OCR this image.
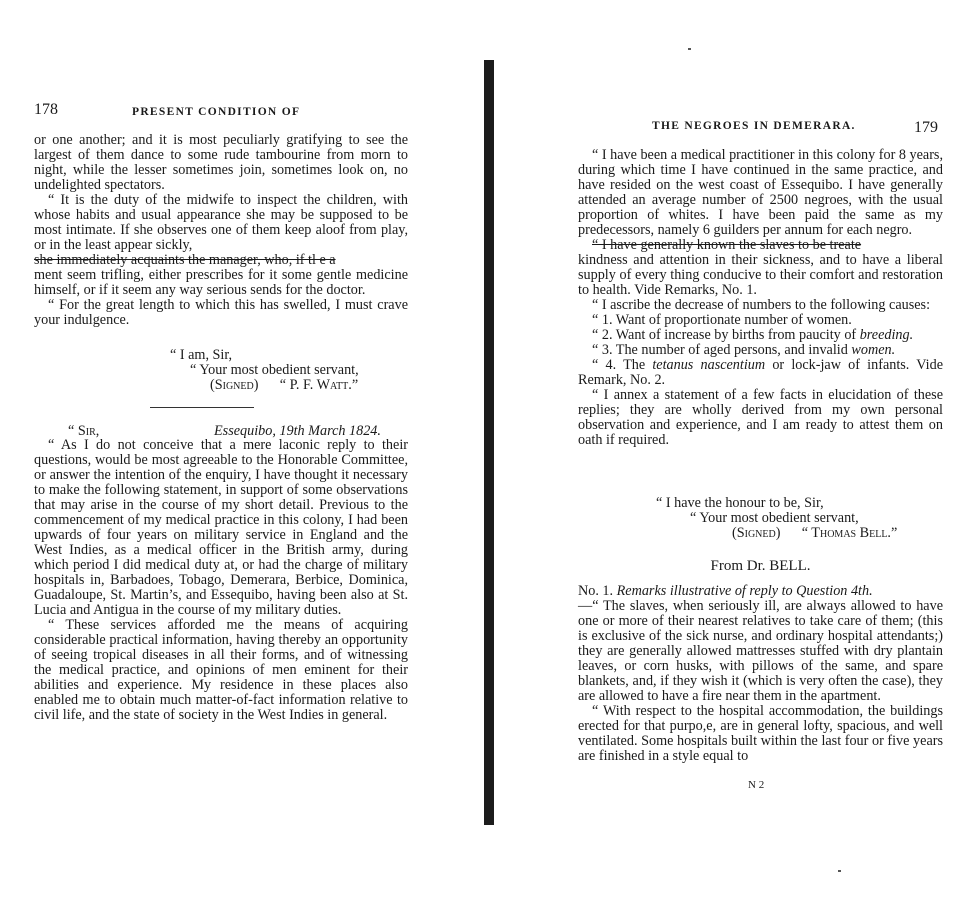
178	PRESENT CONDITION OF

or one another; and it is most peculiarly gratifying to see the largest of them dance to some rude tambourine from morn to night, while the lesser sometimes join, sometimes look on, no undelighted spectators.

“ It is the duty of the midwife to inspect the children, with whose habits and usual appearance she may be supposed to be most intimate. If she observes one of them keep aloof from play, or in the least appear sickly,

she immediately acquaints the manager, who, if tl e a

ment seem trifling, either prescribes for it some gentle medicine himself, or if it seem any way serious sends for the doctor.

“ For the great length to which this has swelled, I must crave your indulgence.

“ I am, Sir,
“ Your most obedient servant,
(Signed)      “ P. F. Watt.”
“ Sir,	Essequibo, 19th March 1824.

“ As I do not conceive that a mere laconic reply to their questions, would be most agreeable to the Honorable Committee, or answer the intention of the enquiry, I have thought it necessary to make the following statement, in support of some observations that may arise in the course of my short detail. Previous to the commencement of my medical practice in this colony, I had been upwards of four years on military service in England and the West Indies, as a medical officer in the British army, during which period I did medical duty at, or had the charge of military hospitals in, Barbadoes, Tobago, Demerara, Berbice, Dominica, Guadaloupe, St. Martin’s, and Essequibo, having been also at St. Lucia and Antigua in the course of my military duties.

“ These services afforded me the means of acquiring considerable practical information, having thereby an opportunity of seeing tropical diseases in all their forms, and of witnessing the medical practice, and opinions of men eminent for their abilities and experience. My residence in these places also enabled me to obtain much matter-of-fact information relative to civil life, and the state of society in the West Indies in general.

THE NEGROES IN DEMERARA.	179

“ I have been a medical practitioner in this colony for 8 years, during which time I have continued in the same practice, and have resided on the west coast of Essequibo. I have generally attended an average number of 2500 negroes, with the usual proportion of whites. I have been paid the same as my predecessors, namely 6 guilders per annum for each negro.

“ I have generally known the slaves to be treate

kindness and attention in their sickness, and to have a liberal supply of every thing conducive to their comfort and restoration to health. Vide Remarks, No. 1.

“ I ascribe the decrease of numbers to the following causes:

“ 1. Want of proportionate number of women.

“ 2. Want of increase by births from paucity of breeding.

“ 3. The number of aged persons, and invalid women.

“ 4. The tetanus nascentium or lock-jaw of infants. Vide Remark, No. 2.

“ I annex a statement of a few facts in elucidation of these replies; they are wholly derived from my own personal observation and experience, and I am ready to attest them on oath if required.

“ I have the honour to be, Sir,
“ Your most obedient servant,
(Signed)      “ Thomas Bell.”
From Dr. BELL.

No. 1. Remarks illustrative of reply to Question 4th.

—“ The slaves, when seriously ill, are always allowed to have one or more of their nearest relatives to take care of them; (this is exclusive of the sick nurse, and ordinary hospital attendants;) they are generally allowed mattresses stuffed with dry plantain leaves, or corn husks, with pillows of the same, and spare blankets, and, if they wish it (which is very often the case), they are allowed to have a fire near them in the apartment.

“ With respect to the hospital accommodation, the buildings erected for that purpo,e, are in general lofty, spacious, and well ventilated. Some hospitals built within the last four or five years are finished in a style equal to

N 2
